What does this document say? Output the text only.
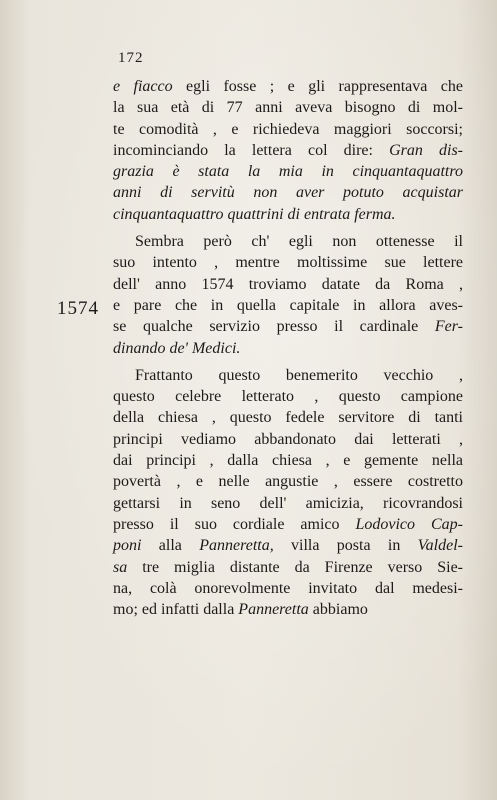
172
1574
e fiacco egli fosse ; e gli rappresentava che
la sua età di 77 anni aveva bisogno di mol-
te comodità , e richiedeva maggiori soccorsi;
incominciando la lettera col dire: Gran dis-
grazia è stata la mia in cinquantaquattro
anni di servitù non aver potuto acquistar
cinquantaquattro quattrini di entrata ferma.
Sembra però ch' egli non ottenesse il
suo intento , mentre moltissime sue lettere
dell' anno 1574 troviamo datate da Roma ,
e pare che in quella capitale in allora aves-
se qualche servizio presso il cardinale Fer-
dinando de' Medici.
Frattanto questo benemerito vecchio ,
questo celebre letterato , questo campione
della chiesa , questo fedele servitore di tanti
principi vediamo abbandonato dai letterati ,
dai principi , dalla chiesa , e gemente nella
povertà , e nelle angustie , essere costretto
gettarsi in seno dell' amicizia, ricovrandosi
presso il suo cordiale amico Lodovico Cap-
poni alla Panneretta, villa posta in Valdel-
sa tre miglia distante da Firenze verso Sie-
na, colà onorevolmente invitato dal medesi-
mo; ed infatti dalla Panneretta abbiamo
